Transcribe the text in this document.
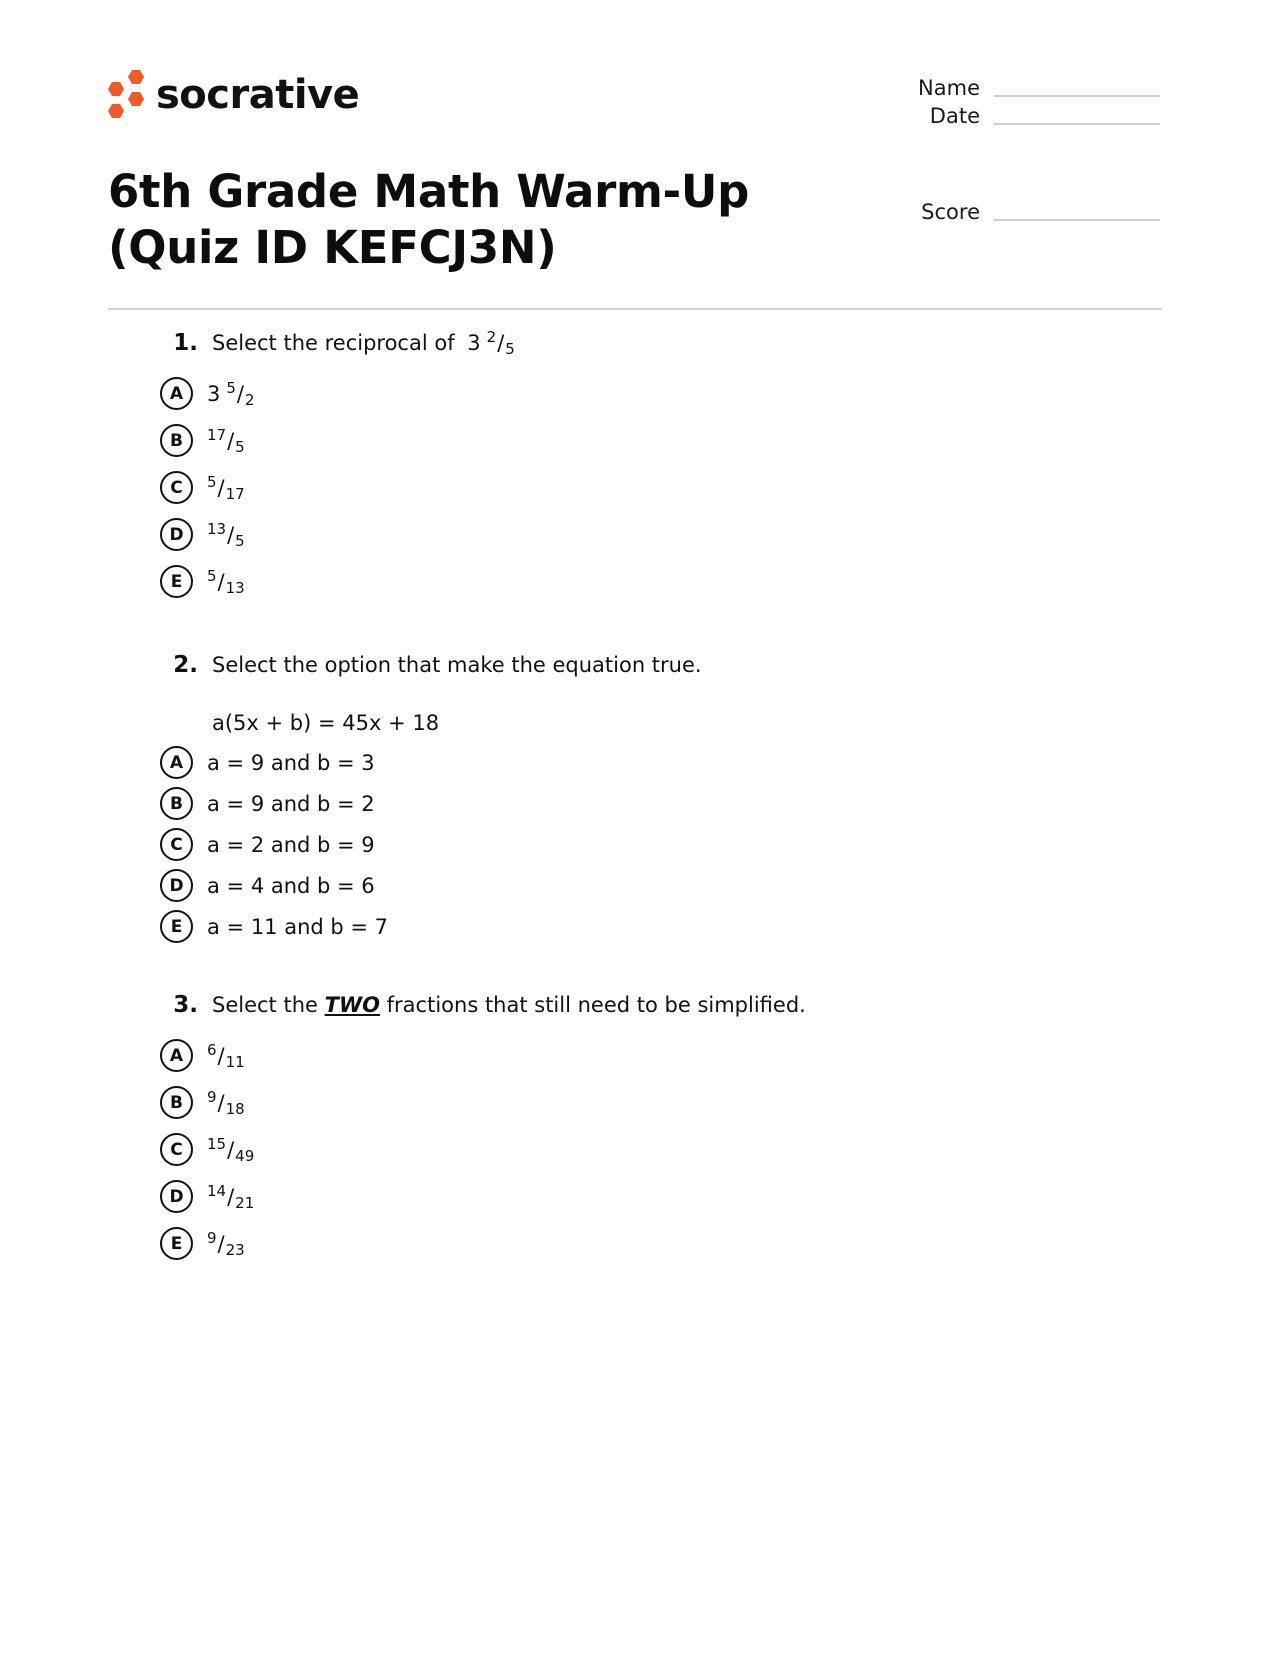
socrative	Name
Date
Score
6th Grade Math Warm-Up (Quiz ID KEFCJ3N)
1. Select the reciprocal of 3 $^2$ $/_5$
A	3 $^5$ $/_2$
B	$^{17}$ $/_5$
C	$^5$ $/_{17}$
D	$^{13}$ $/_5$
E	$^5$ $/_{13}$
2. Select the option that make the equation true.
a(5x + b) = 45x + 18
A	a = 9 and b = 3
B	a = 9 and b = 2
C	a = 2 and b = 9
D	a = 4 and b = 6
E	a = 11 and b = 7
3. Select the TWO fractions that still need to be simplified.
A	$^6$ $/_{11}$
B	$^9$ $/_{18}$
C	$^{15}$ $/_{49}$
D	$^{14}$ $/_{21}$
E	$^9$ $/_{23}$
